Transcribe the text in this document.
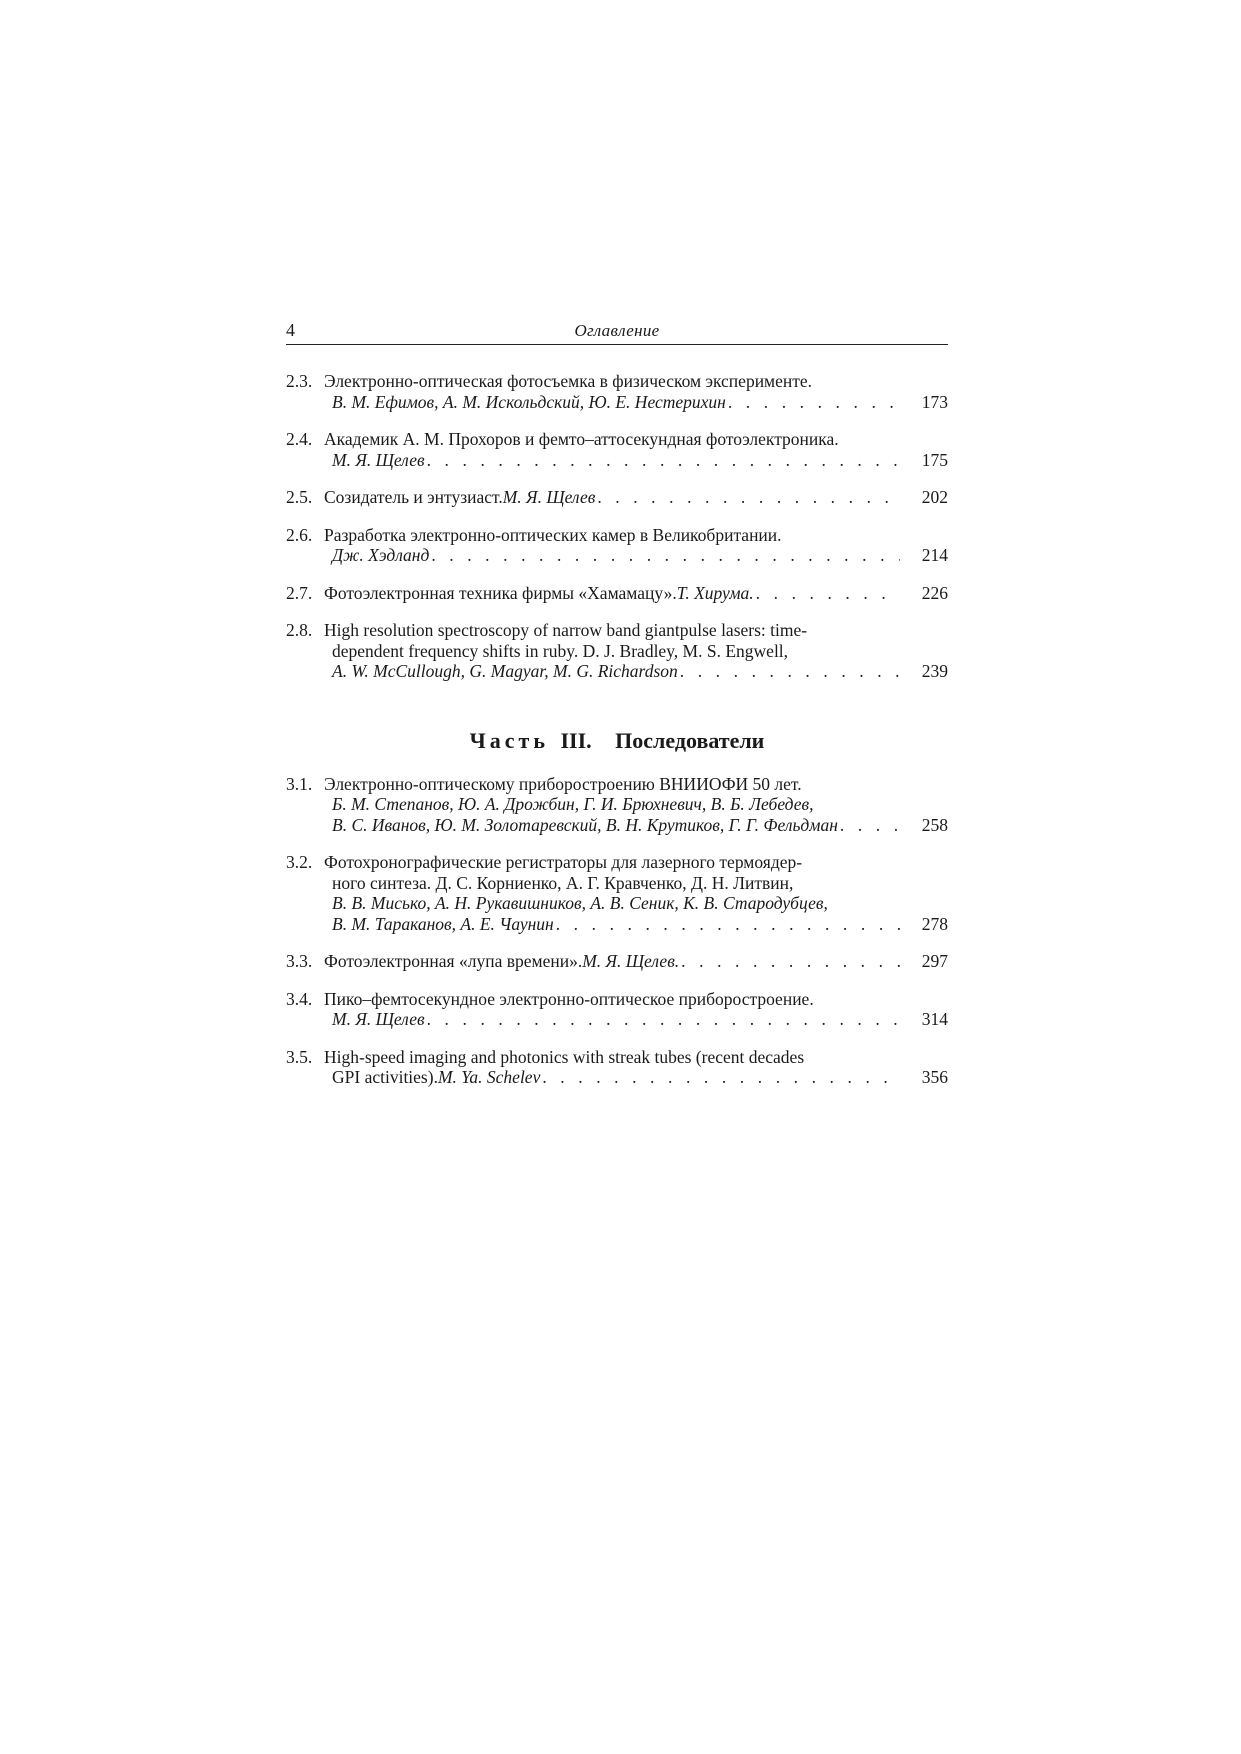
4	Оглавление
2.3. Электронно-оптическая фотосъемка в физическом эксперименте.
В. М. Ефимов, А. М. Искольдский, Ю. Е. Нестерихин . . .	173
2.4. Академик А. М. Прохоров и фемто–аттосекундная фотоэлектроника.
М. Я. Щелев . . .	175
2.5. Созидатель и энтузиаст. М. Я. Щелев . . .	202
2.6. Разработка электронно-оптических камер в Великобритании.
Дж. Хэдланд . . .	214
2.7. Фотоэлектронная техника фирмы «Хамамацу». Т. Хирума. . . .	226
2.8. High resolution spectroscopy of narrow band giantpulse lasers: time-
dependent frequency shifts in ruby. D. J. Bradley, M. S. Engwell,
A. W. McCullough, G. Magyar, M. G. Richardson . . .	239
Часть III. Последователи
3.1. Электронно-оптическому приборостроению ВНИИОФИ 50 лет.
Б. М. Степанов, Ю. А. Дрожбин, Г. И. Брюхневич, В. Б. Лебедев,
В. С. Иванов, Ю. М. Золотаревский, В. Н. Крутиков, Г. Г. Фельдман . . .	258
3.2. Фотохронографические регистраторы для лазерного термоядер-
ного синтеза. Д. С. Корниенко, А. Г. Кравченко, Д. Н. Литвин,
В. В. Мисько, А. Н. Рукавишников, А. В. Сеник, К. В. Стародубцев,
В. М. Тараканов, А. Е. Чаунин . . .	278
3.3. Фотоэлектронная «лупа времени». М. Я. Щелев. . . .	297
3.4. Пико–фемтосекундное электронно-оптическое приборостроение.
М. Я. Щелев . . .	314
3.5. High-speed imaging and photonics with streak tubes (recent decades
GPI activities). M. Ya. Schelev . . .	356
